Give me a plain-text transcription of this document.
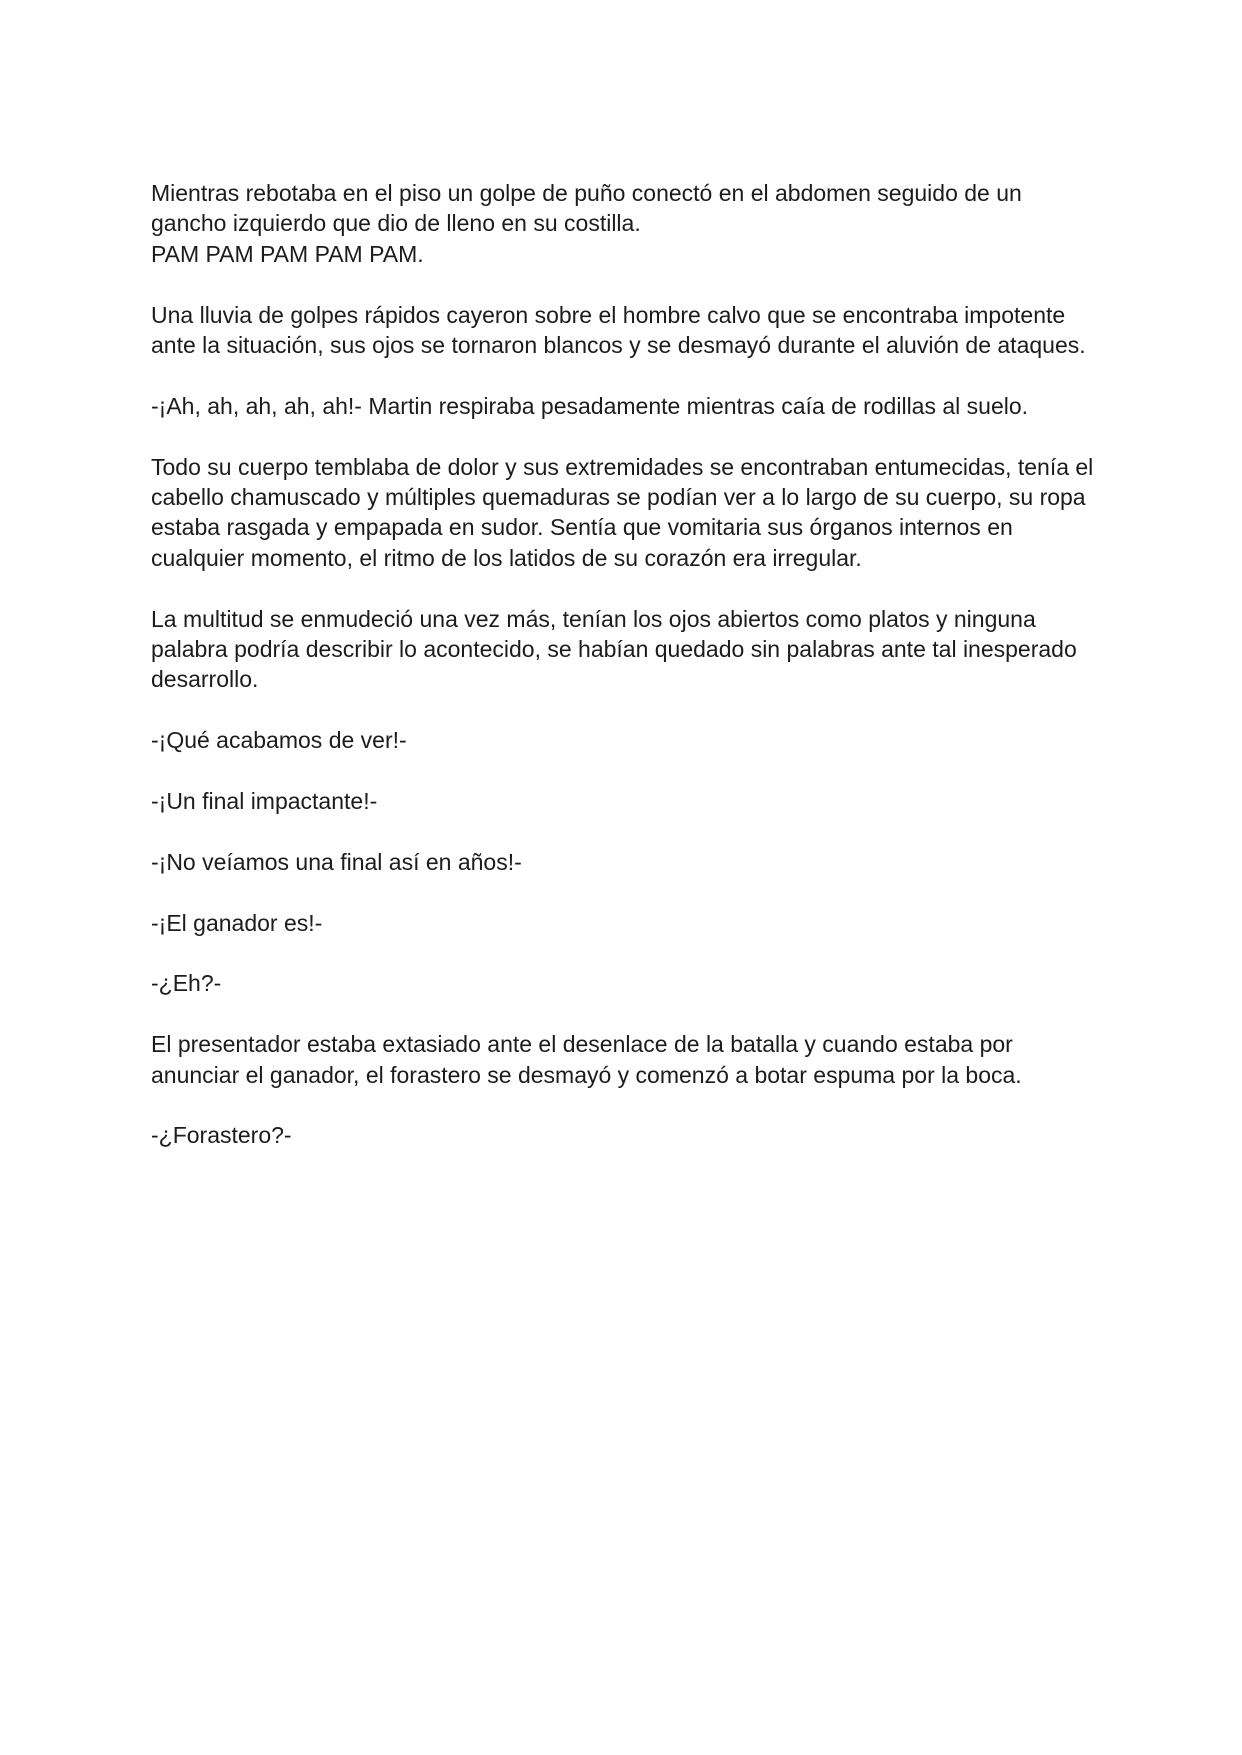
Mientras rebotaba en el piso un golpe de puño conectó en el abdomen seguido de un
gancho izquierdo que dio de lleno en su costilla.
PAM PAM PAM PAM PAM.

Una lluvia de golpes rápidos cayeron sobre el hombre calvo que se encontraba impotente
ante la situación, sus ojos se tornaron blancos y se desmayó durante el aluvión de ataques.

-¡Ah, ah, ah, ah, ah!- Martin respiraba pesadamente mientras caía de rodillas al suelo.

Todo su cuerpo temblaba de dolor y sus extremidades se encontraban entumecidas, tenía el
cabello chamuscado y múltiples quemaduras se podían ver a lo largo de su cuerpo, su ropa
estaba rasgada y empapada en sudor. Sentía que vomitaria sus órganos internos en
cualquier momento, el ritmo de los latidos de su corazón era irregular.

La multitud se enmudeció una vez más, tenían los ojos abiertos como platos y ninguna
palabra podría describir lo acontecido, se habían quedado sin palabras ante tal inesperado
desarrollo.

-¡Qué acabamos de ver!-

-¡Un final impactante!-

-¡No veíamos una final así en años!-

-¡El ganador es!-

-¿Eh?-

El presentador estaba extasiado ante el desenlace de la batalla y cuando estaba por
anunciar el ganador, el forastero se desmayó y comenzó a botar espuma por la boca.

-¿Forastero?-
